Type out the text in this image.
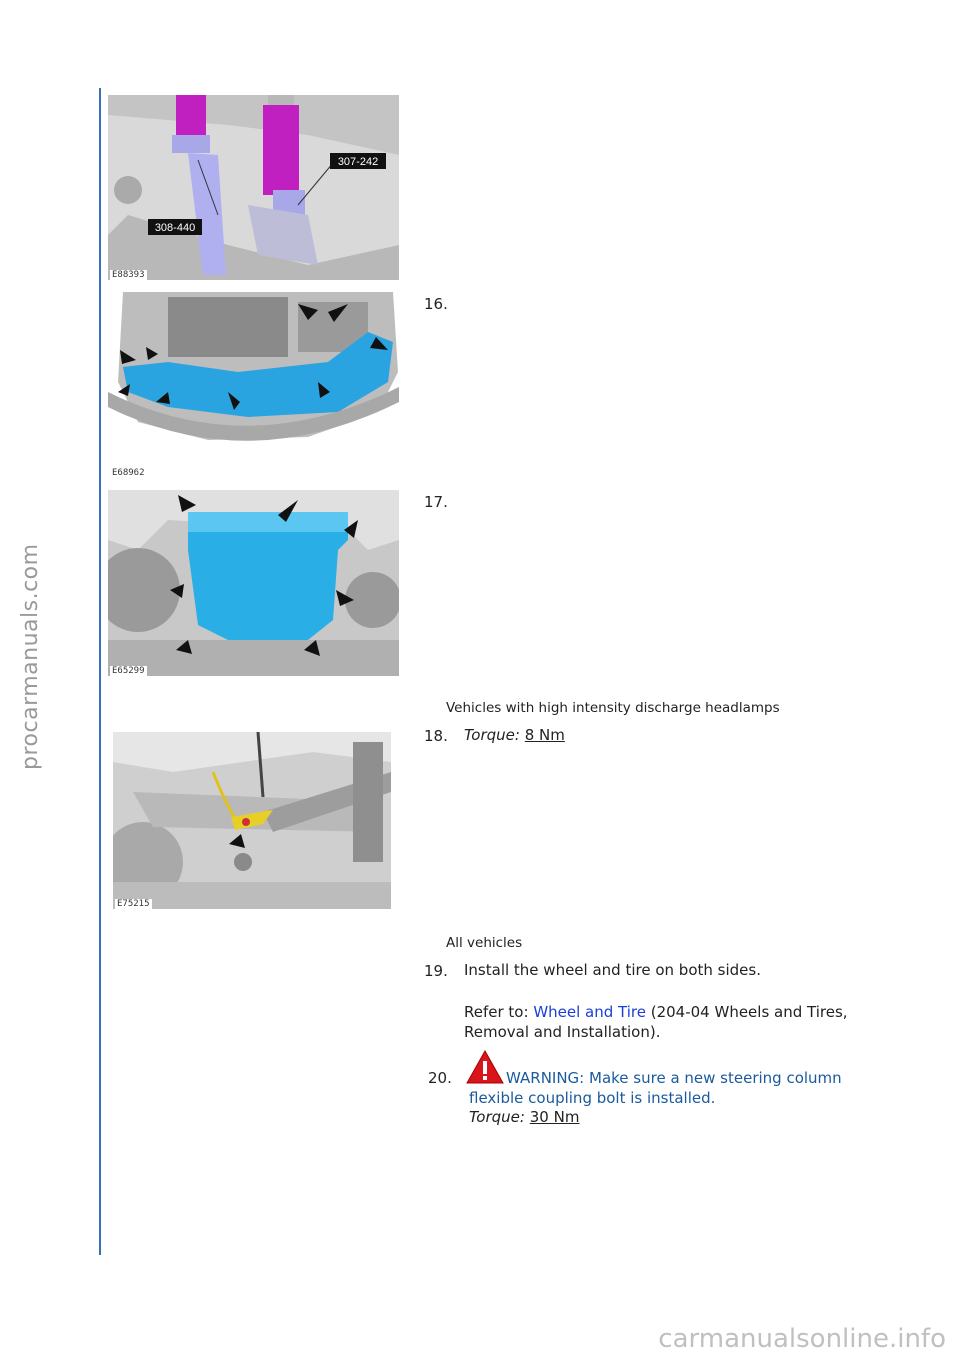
procarmanuals.com
308-440
307-242
E88393
E68962
16.
E65299
17.
Vehicles with high intensity discharge headlamps
E75215
18. Torque: 8 Nm
All vehicles
19. Install the wheel and tire on both sides.
Refer to: Wheel and Tire (204-04 Wheels and Tires,
Removal and Installation).
20.	WARNING: Make sure a new steering column
flexible coupling bolt is installed.
Torque: 30 Nm
carmanualsonline.info
